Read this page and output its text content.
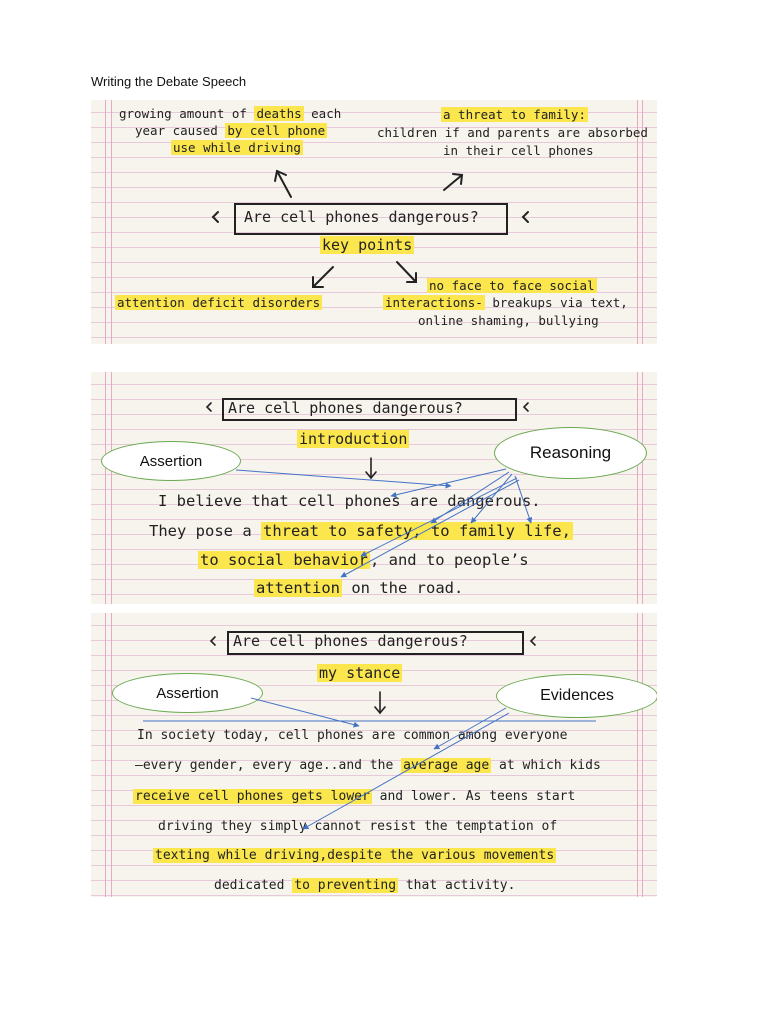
Writing the Debate Speech
growing amount of deaths each
year caused by cell phone
use while driving
a threat to family:
children if and parents are absorbed
in their cell phones
Are cell phones dangerous?
key points
attention deficit disorders
no face to face social
interactions- breakups via text,
online shaming, bullying
Are cell phones dangerous?
introduction
Assertion	Reasoning
I believe that cell phones are dangerous.
They pose a threat to safety, to family life,
to social behavior , and to people’s
attention on the road.
Are cell phones dangerous?
my stance
Assertion	Evidences
In society today, cell phones are common among everyone
—every gender, every age..and the average age at which kids
receive cell phones gets lower and lower. As teens start
driving they simply cannot resist the temptation of
texting while driving,despite the various movements
dedicated to preventing that activity.
